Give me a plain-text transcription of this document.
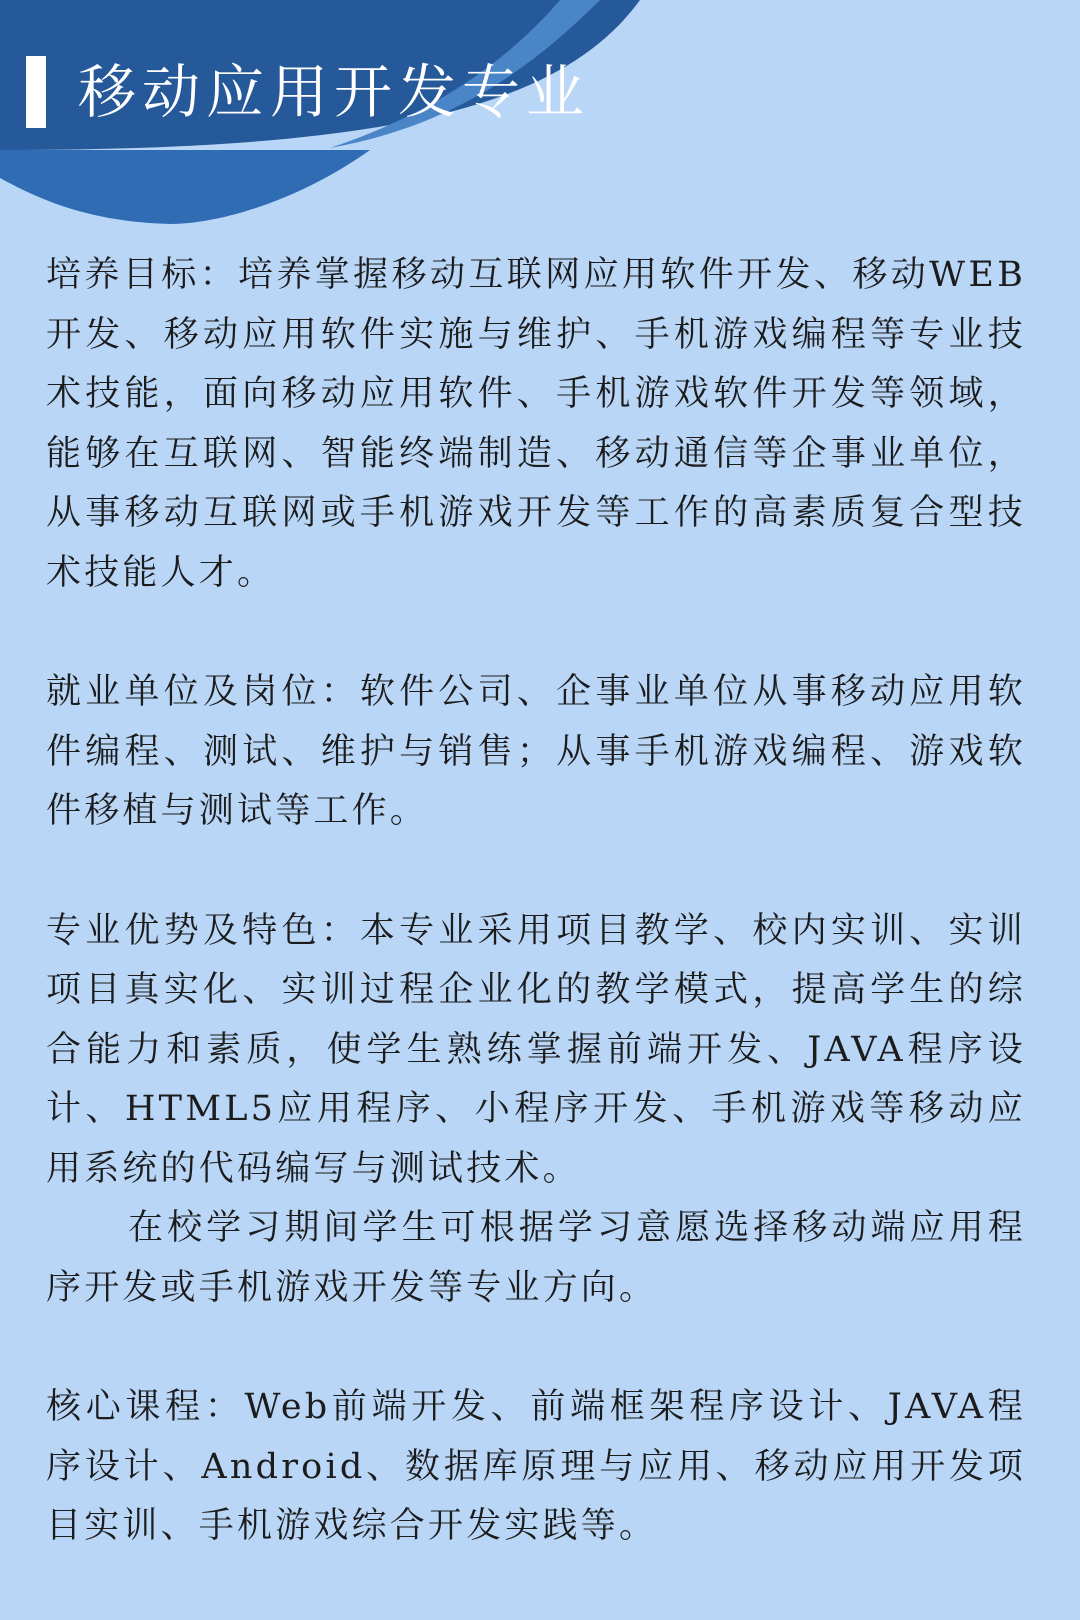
移动应用开发专业

培养目标：培养掌握移动互联网应用软件开发、移动WEB 开发、移动应用软件实施与维护、手机游戏编程等专业技术技能，面向移动应用软件、手机游戏软件开发等领域，能够在互联网、智能终端制造、移动通信等企事业单位，从事移动互联网或手机游戏开发等工作的高素质复合型技术技能人才。

就业单位及岗位：软件公司、企事业单位从事移动应用软件编程、测试、维护与销售；从事手机游戏编程、游戏软件移植与测试等工作。

专业优势及特色：本专业采用项目教学、校内实训、实训项目真实化、实训过程企业化的教学模式，提高学生的综合能力和素质，使学生熟练掌握前端开发、JAVA程序设计、HTML5应用程序、小程序开发、手机游戏等移动应用系统的代码编写与测试技术。

在校学习期间学生可根据学习意愿选择移动端应用程序开发或手机游戏开发等专业方向。

核心课程：Web前端开发、前端框架程序设计、JAVA程序设计、Android、数据库原理与应用、移动应用开发项目实训、手机游戏综合开发实践等。
